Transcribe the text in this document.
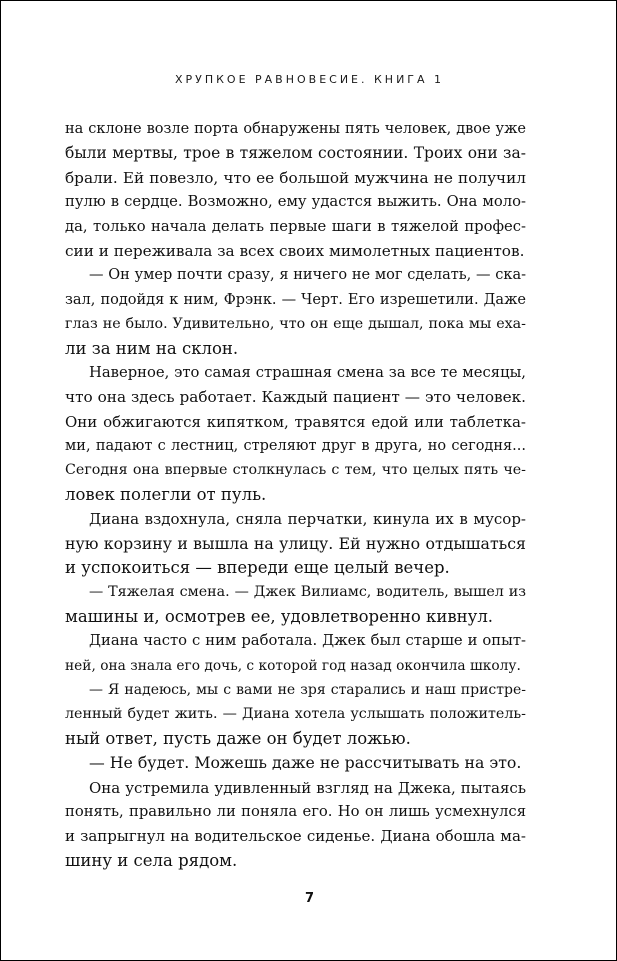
ХРУПКОЕ РАВНОВЕСИЕ. КНИГА 1
на склоне возле порта обнаружены пять человек, двое уже
были мертвы, трое в тяжелом состоянии. Троих они за-
брали. Ей повезло, что ее большой мужчина не получил
пулю в сердце. Возможно, ему удастся выжить. Она моло-
да, только начала делать первые шаги в тяжелой профес-
сии и переживала за всех своих мимолетных пациентов.
— Он умер почти сразу, я ничего не мог сделать, — ска-
зал, подойдя к ним, Фрэнк. — Черт. Его изрешетили. Даже
глаз не было. Удивительно, что он еще дышал, пока мы еха-
ли за ним на склон.
Наверное, это самая страшная смена за все те месяцы,
что она здесь работает. Каждый пациент — это человек.
Они обжигаются кипятком, травятся едой или таблетка-
ми, падают с лестниц, стреляют друг в друга, но сегодня...
Сегодня она впервые столкнулась с тем, что целых пять че-
ловек полегли от пуль.
Диана вздохнула, сняла перчатки, кинула их в мусор-
ную корзину и вышла на улицу. Ей нужно отдышаться
и успокоиться — впереди еще целый вечер.
— Тяжелая смена. — Джек Вилиамс, водитель, вышел из
машины и, осмотрев ее, удовлетворенно кивнул.
Диана часто с ним работала. Джек был старше и опыт-
ней, она знала его дочь, с которой год назад окончила школу.
— Я надеюсь, мы с вами не зря старались и наш пристре-
ленный будет жить. — Диана хотела услышать положитель-
ный ответ, пусть даже он будет ложью.
— Не будет. Можешь даже не рассчитывать на это.
Она устремила удивленный взгляд на Джека, пытаясь
понять, правильно ли поняла его. Но он лишь усмехнулся
и запрыгнул на водительское сиденье. Диана обошла ма-
шину и села рядом.
7
